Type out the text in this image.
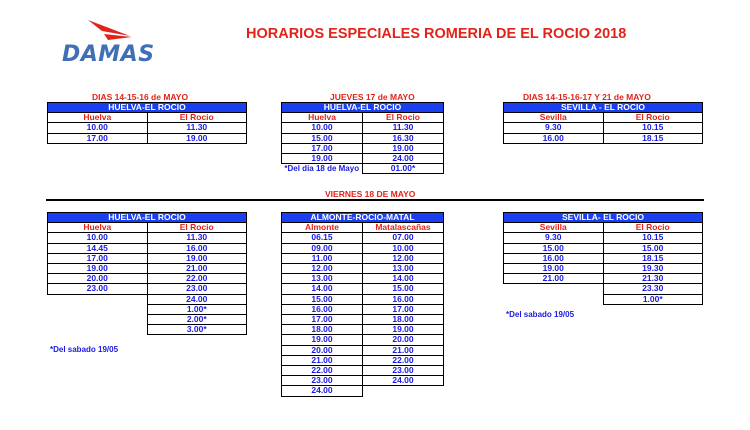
DAMAS
HORARIOS ESPECIALES ROMERIA DE EL ROCIO 2018
DIAS 14-15-16 de MAYO	JUEVES 17 de MAYO	DIAS 14-15-16-17 Y 21 de MAYO
VIERNES 18 DE MAYO
HUELVA-EL ROCIO	
Huelva	El Rocio
10.00	11.30
17.00	19.00
HUELVA-EL ROCIO	
Huelva	El Rocio
10.00	11.30
15.00	16.30
17.00	19.00
19.00	24.00
*Del dia 18 de Mayo	01.00*
SEVILLA - EL ROCIO	
Sevilla	El Rocio
9.30	10.15
16.00	18.15
HUELVA-EL ROCIO	
Huelva	El Rocio
10.00	11.30
14.45	16.00
17.00	19.00
19.00	21.00
20.00	22.00
23.00	23.00
	24.00
	1.00*
	2.00*
	3.00*
*Del sabado 19/05
ALMONTE-ROCIO-MATAL	
Almonte	Matalascañas
06.15	07.00
09.00	10.00
11.00	12.00
12.00	13.00
13.00	14.00
14.00	15.00
15.00	16.00
16.00	17.00
17.00	18.00
18.00	19.00
19.00	20.00
20.00	21.00
21.00	22.00
22.00	23.00
23.00	24.00
24.00	
SEVILLA- EL ROCIO	
Sevilla	El Rocio
9.30	10.15
15.00	15.00
16.00	18.15
19.00	19.30
21.00	21.30
	23.30
	1.00*
*Del sabado 19/05
